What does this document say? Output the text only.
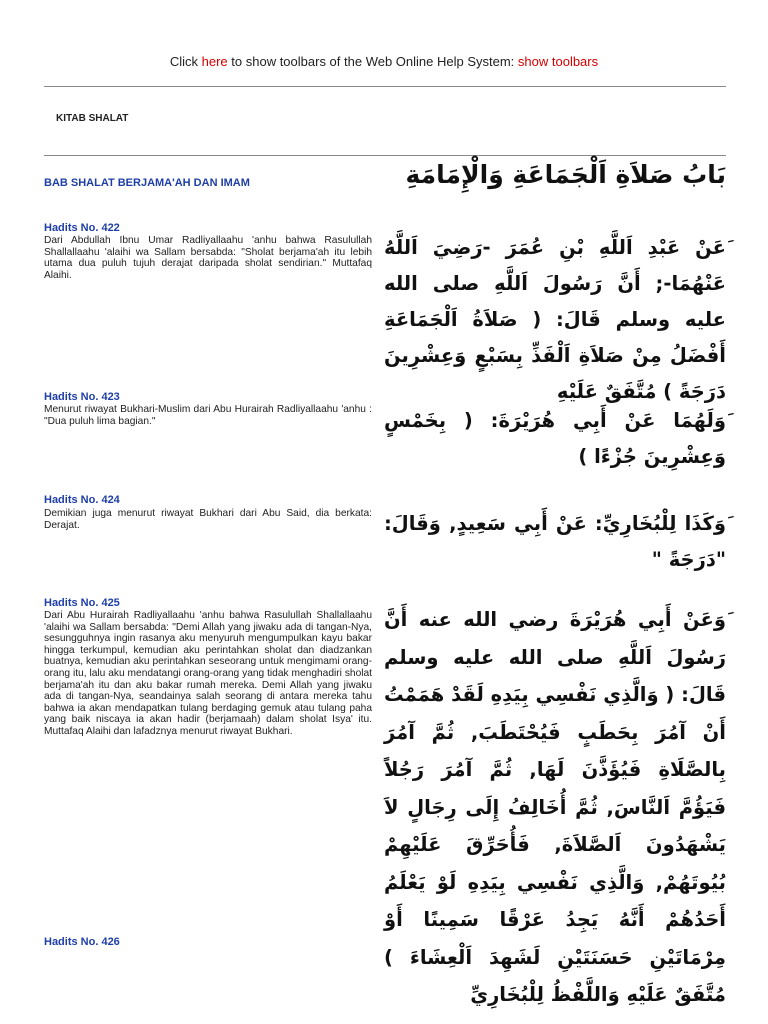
Click here to show toolbars of the Web Online Help System: show toolbars
KITAB SHALAT
BAB SHALAT BERJAMA'AH DAN IMAM	بَابُ صَلاَةِ اَلْجَمَاعَةِ وَالْإِمَامَةِ
Hadits No. 422
Dari Abdullah Ibnu Umar Radliyallaahu 'anhu bahwa Rasulullah Shallallaahu 'alaihi wa Sallam bersabda: "Sholat berjama'ah itu lebih utama dua puluh tujuh derajat daripada sholat sendirian." Muttafaq Alaihi.
َعَنْ عَبْدِ اَللَّهِ بْنِ عُمَرَ -رَضِيَ اَللَّهُ عَنْهُمَا-; أَنَّ رَسُولَ اَللَّهِ صلى الله عليه وسلم قَالَ: ( صَلاَةُ اَلْجَمَاعَةِ أَفْضَلُ مِنْ صَلاَةِ اَلْفَذِّ بِسَبْعٍ وَعِشْرِينَ دَرَجَةً ) مُتَّفَقٌ عَلَيْهِ
Hadits No. 423
Menurut riwayat Bukhari-Muslim dari Abu Hurairah Radliyallaahu 'anhu : "Dua puluh lima bagian."	َوَلَهُمَا عَنْ أَبِي هُرَيْرَةَ: ( بِخَمْسٍ وَعِشْرِينَ جُزْءًا )
Hadits No. 424
Demikian juga menurut riwayat Bukhari dari Abu Said, dia berkata: Derajat.	َوَكَذَا لِلْبُخَارِيِّ: عَنْ أَبِي سَعِيدٍ, وَقَالَ: "دَرَجَةً "
Hadits No. 425
Dari Abu Hurairah Radliyallaahu 'anhu bahwa Rasulullah Shallallaahu 'alaihi wa Sallam bersabda: "Demi Allah yang jiwaku ada di tangan-Nya, sesungguhnya ingin rasanya aku menyuruh mengumpulkan kayu bakar hingga terkumpul, kemudian aku perintahkan sholat dan diadzankan buatnya, kemudian aku perintahkan seseorang untuk mengimami orang-orang itu, lalu aku mendatangi orang-orang yang tidak menghadiri sholat berjama'ah itu dan aku bakar rumah mereka. Demi Allah yang jiwaku ada di tangan-Nya, seandainya salah seorang di antara mereka tahu bahwa ia akan mendapatkan tulang berdaging gemuk atau tulang paha yang baik niscaya ia akan hadir (berjamaah) dalam sholat Isya' itu. Muttafaq Alaihi dan lafadznya menurut riwayat Bukhari.
َوَعَنْ أَبِي هُرَيْرَةَ رضي الله عنه أَنَّ رَسُولَ اَللَّهِ صلى الله عليه وسلم قَالَ: ( وَالَّذِي نَفْسِي بِيَدِهِ لَقَدْ هَمَمْتُ أَنْ آمُرَ بِحَطَبٍ فَيُحْتَطَبَ, ثُمَّ آمُرَ بِالصَّلَاةِ فَيُؤَذَّنَ لَهَا, ثُمَّ آمُرَ رَجُلاً فَيَؤُمَّ اَلنَّاسَ, ثُمَّ أُخَالِفُ إِلَى رِجَالٍ لاَ يَشْهَدُونَ اَلصَّلاَةَ, فَأُحَرِّقَ عَلَيْهِمْ بُيُوتَهُمْ, وَالَّذِي نَفْسِي بِيَدِهِ لَوْ يَعْلَمُ أَحَدُهُمْ أَنَّهُ يَجِدُ عَرْقًا سَمِينًا أَوْ مِرْمَاتَيْنِ حَسَنَتَيْنِ لَشَهِدَ اَلْعِشَاءَ ) مُتَّفَقٌ عَلَيْهِ وَاللَّفْظُ لِلْبُخَارِيِّ
Hadits No. 426
